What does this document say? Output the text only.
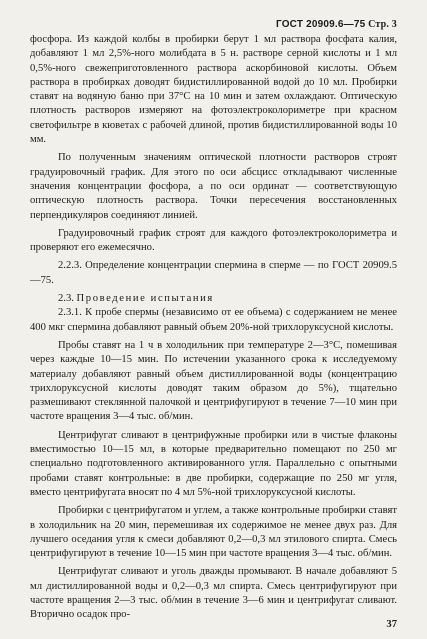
ГОСТ 20909.6—75 Стр. 3

фосфора. Из каждой колбы в пробирки берут 1 мл раствора фосфата калия, добавляют 1 мл 2,5%-ного молибдата в 5 н. растворе серной кислоты и 1 мл 0,5%-ного свежеприготовленного раствора аскорбиновой кислоты. Объем раствора в пробирках доводят бидистиллированной водой до 10 мл. Пробирки ставят на водяную баню при 37°С на 10 мин и затем охлаждают. Оптическую плотность растворов измеряют на фотоэлектроколориметре при красном светофильтре в кюветах с рабочей длиной, против бидистиллированной воды 10 мм.

По полученным значениям оптической плотности растворов строят градуировочный график. Для этого по оси абсцисс откладывают численные значения концентрации фосфора, а по оси ординат — соответствующую оптическую плотность раствора. Точки пересечения восстановленных перпендикуляров соединяют линией.

Градуировочный график строят для каждого фотоэлектроколориметра и проверяют его ежемесячно.

2.2.3. Определение концентрации спермина в сперме — по ГОСТ 20909.5—75.

2.3. Проведение испытания

2.3.1. К пробе спермы (независимо от ее объема) с содержанием не менее 400 мкг спермина добавляют равный объем 20%-ной трихлоруксусной кислоты.

Пробы ставят на 1 ч в холодильник при температуре 2—3°С, помешивая через каждые 10—15 мин. По истечении указанного срока к исследуемому материалу добавляют равный объем дистиллированной воды (концентрацию трихлоруксусной кислоты доводят таким образом до 5%), тщательно размешивают стеклянной палочкой и центрифугируют в течение 7—10 мин при частоте вращения 3—4 тыс. об/мин.

Центрифугат сливают в центрифужные пробирки или в чистые флаконы вместимостью 10—15 мл, в которые предварительно помещают по 250 мг специально подготовленного активированного угля. Параллельно с опытными пробами ставят контрольные: в две пробирки, содержащие по 250 мг угля, вместо центрифугата вносят по 4 мл 5%-ной трихлоруксусной кислоты.

Пробирки с центрифугатом и углем, а также контрольные пробирки ставят в холодильник на 20 мин, перемешивая их содержимое не менее двух раз. Для лучшего оседания угля к смеси добавляют 0,2—0,3 мл этилового спирта. Смесь центрифугируют в течение 10—15 мин при частоте вращения 3—4 тыс. об/мин.

Центрифугат сливают и уголь дважды промывают. В начале добавляют 5 мл дистиллированной воды и 0,2—0,3 мл спирта. Смесь центрифугируют при частоте вращения 2—3 тыс. об/мин в течение 3—6 мин и центрифугат сливают. Вторично осадок про-

37
